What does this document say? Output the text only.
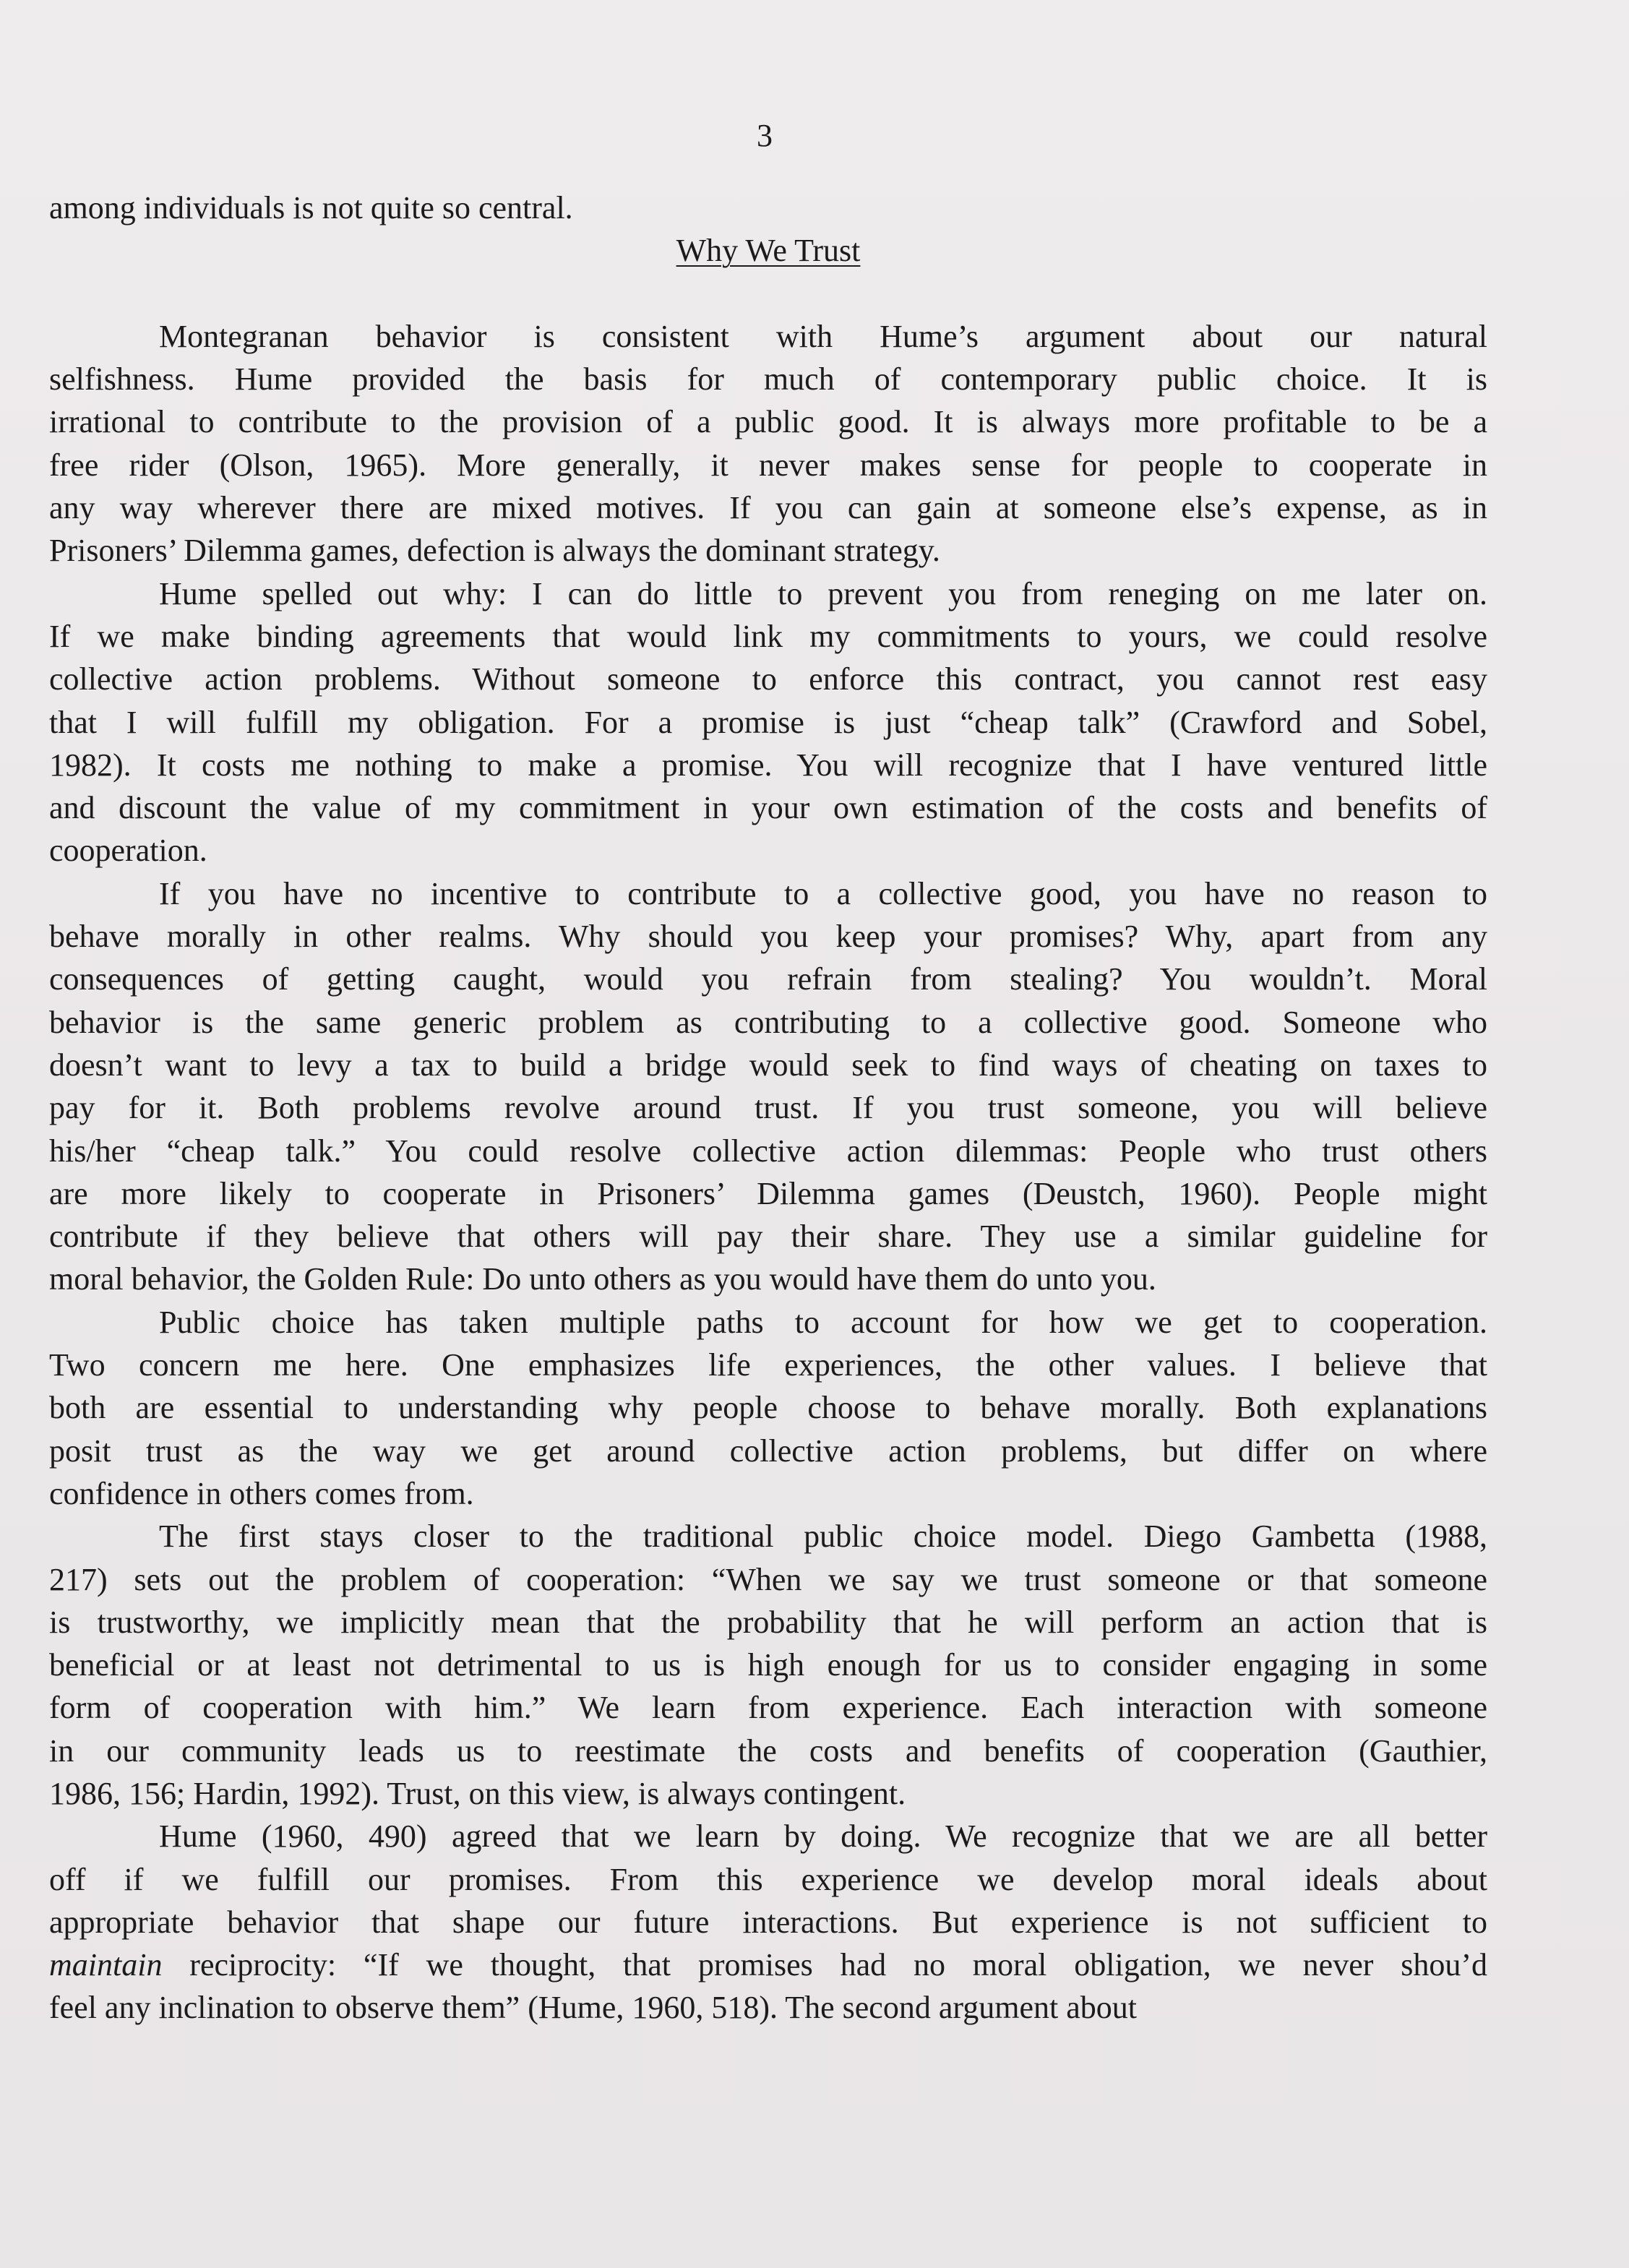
3
among individuals is not quite so central.
Why We Trust
Montegranan behavior is consistent with Hume’s argument about our natural
selfishness. Hume provided the basis for much of contemporary public choice. It is
irrational to contribute to the provision of a public good. It is always more profitable to be a
free rider (Olson, 1965). More generally, it never makes sense for people to cooperate in
any way wherever there are mixed motives. If you can gain at someone else’s expense, as in
Prisoners’ Dilemma games, defection is always the dominant strategy.
Hume spelled out why: I can do little to prevent you from reneging on me later on.
If we make binding agreements that would link my commitments to yours, we could resolve
collective action problems. Without someone to enforce this contract, you cannot rest easy
that I will fulfill my obligation. For a promise is just “cheap talk” (Crawford and Sobel,
1982). It costs me nothing to make a promise. You will recognize that I have ventured little
and discount the value of my commitment in your own estimation of the costs and benefits of
cooperation.
If you have no incentive to contribute to a collective good, you have no reason to
behave morally in other realms. Why should you keep your promises? Why, apart from any
consequences of getting caught, would you refrain from stealing? You wouldn’t. Moral
behavior is the same generic problem as contributing to a collective good. Someone who
doesn’t want to levy a tax to build a bridge would seek to find ways of cheating on taxes to
pay for it. Both problems revolve around trust. If you trust someone, you will believe
his/her “cheap talk.” You could resolve collective action dilemmas: People who trust others
are more likely to cooperate in Prisoners’ Dilemma games (Deustch, 1960). People might
contribute if they believe that others will pay their share. They use a similar guideline for
moral behavior, the Golden Rule: Do unto others as you would have them do unto you.
Public choice has taken multiple paths to account for how we get to cooperation.
Two concern me here. One emphasizes life experiences, the other values. I believe that
both are essential to understanding why people choose to behave morally. Both explanations
posit trust as the way we get around collective action problems, but differ on where
confidence in others comes from.
The first stays closer to the traditional public choice model. Diego Gambetta (1988,
217) sets out the problem of cooperation: “When we say we trust someone or that someone
is trustworthy, we implicitly mean that the probability that he will perform an action that is
beneficial or at least not detrimental to us is high enough for us to consider engaging in some
form of cooperation with him.” We learn from experience. Each interaction with someone
in our community leads us to reestimate the costs and benefits of cooperation (Gauthier,
1986, 156; Hardin, 1992). Trust, on this view, is always contingent.
Hume (1960, 490) agreed that we learn by doing. We recognize that we are all better
off if we fulfill our promises. From this experience we develop moral ideals about
appropriate behavior that shape our future interactions. But experience is not sufficient to
maintain reciprocity: “If we thought, that promises had no moral obligation, we never shou’d
feel any inclination to observe them” (Hume, 1960, 518). The second argument about
